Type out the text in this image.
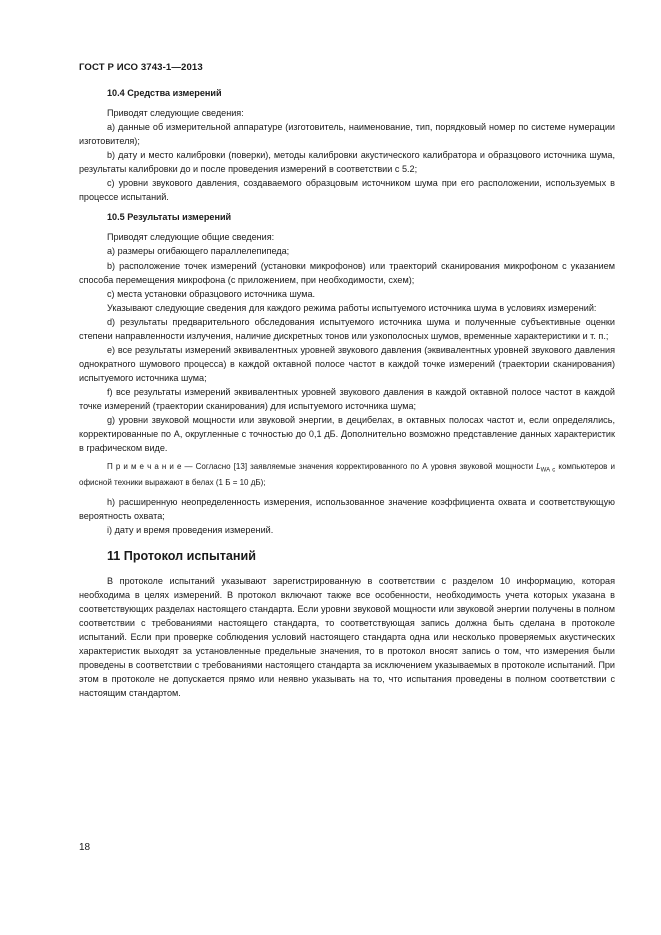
ГОСТ Р ИСО 3743-1—2013

10.4 Средства измерений

Приводят следующие сведения:

a) данные об измерительной аппаратуре (изготовитель, наименование, тип, порядковый номер по системе нумерации изготовителя);

b) дату и место калибровки (поверки), методы калибровки акустического калибратора и образцового источника шума, результаты калибровки до и после проведения измерений в соответствии с 5.2;

c) уровни звукового давления, создаваемого образцовым источником шума при его расположении, используемых в процессе испытаний.

10.5 Результаты измерений

Приводят следующие общие сведения:

a) размеры огибающего параллелепипеда;

b) расположение точек измерений (установки микрофонов) или траекторий сканирования микрофоном с указанием способа перемещения микрофона (с приложением, при необходимости, схем);

c) места установки образцового источника шума.

Указывают следующие сведения для каждого режима работы испытуемого источника шума в условиях измерений:

d) результаты предварительного обследования испытуемого источника шума и полученные субъективные оценки степени направленности излучения, наличие дискретных тонов или узкополосных шумов, временные характеристики и т. п.;

e) все результаты измерений эквивалентных уровней звукового давления (эквивалентных уровней звукового давления однократного шумового процесса) в каждой октавной полосе частот в каждой точке измерений (траектории сканирования) испытуемого источника шума;

f) все результаты измерений эквивалентных уровней звукового давления в каждой октавной полосе частот в каждой точке измерений (траектории сканирования) для испытуемого источника шума;

g) уровни звуковой мощности или звуковой энергии, в децибелах, в октавных полосах частот и, если определялись, корректированные по А, округленные с точностью до 0,1 дБ. Дополнительно возможно представление данных характеристик в графическом виде.

П р и м е ч а н и е — Согласно [13] заявляемые значения корректированного по А уровня звуковой мощности $L_{WA c}$ компьютеров и офисной техники выражают в белах (1 Б = 10 дБ);

h) расширенную неопределенность измерения, использованное значение коэффициента охвата и соответствующую вероятность охвата;

i) дату и время проведения измерений.

11 Протокол испытаний

В протоколе испытаний указывают зарегистрированную в соответствии с разделом 10 информацию, которая необходима в целях измерений. В протокол включают также все особенности, необходимость учета которых указана в соответствующих разделах настоящего стандарта. Если уровни звуковой мощности или звуковой энергии получены в полном соответствии с требованиями настоящего стандарта, то соответствующая запись должна быть сделана в протоколе испытаний. Если при проверке соблюдения условий настоящего стандарта одна или несколько проверяемых акустических характеристик выходят за установленные предельные значения, то в протокол вносят запись о том, что измерения были проведены в соответствии с требованиями настоящего стандарта за исключением указываемых в протоколе испытаний. При этом в протоколе не допускается прямо или неявно указывать на то, что испытания проведены в полном соответствии с настоящим стандартом.

18
